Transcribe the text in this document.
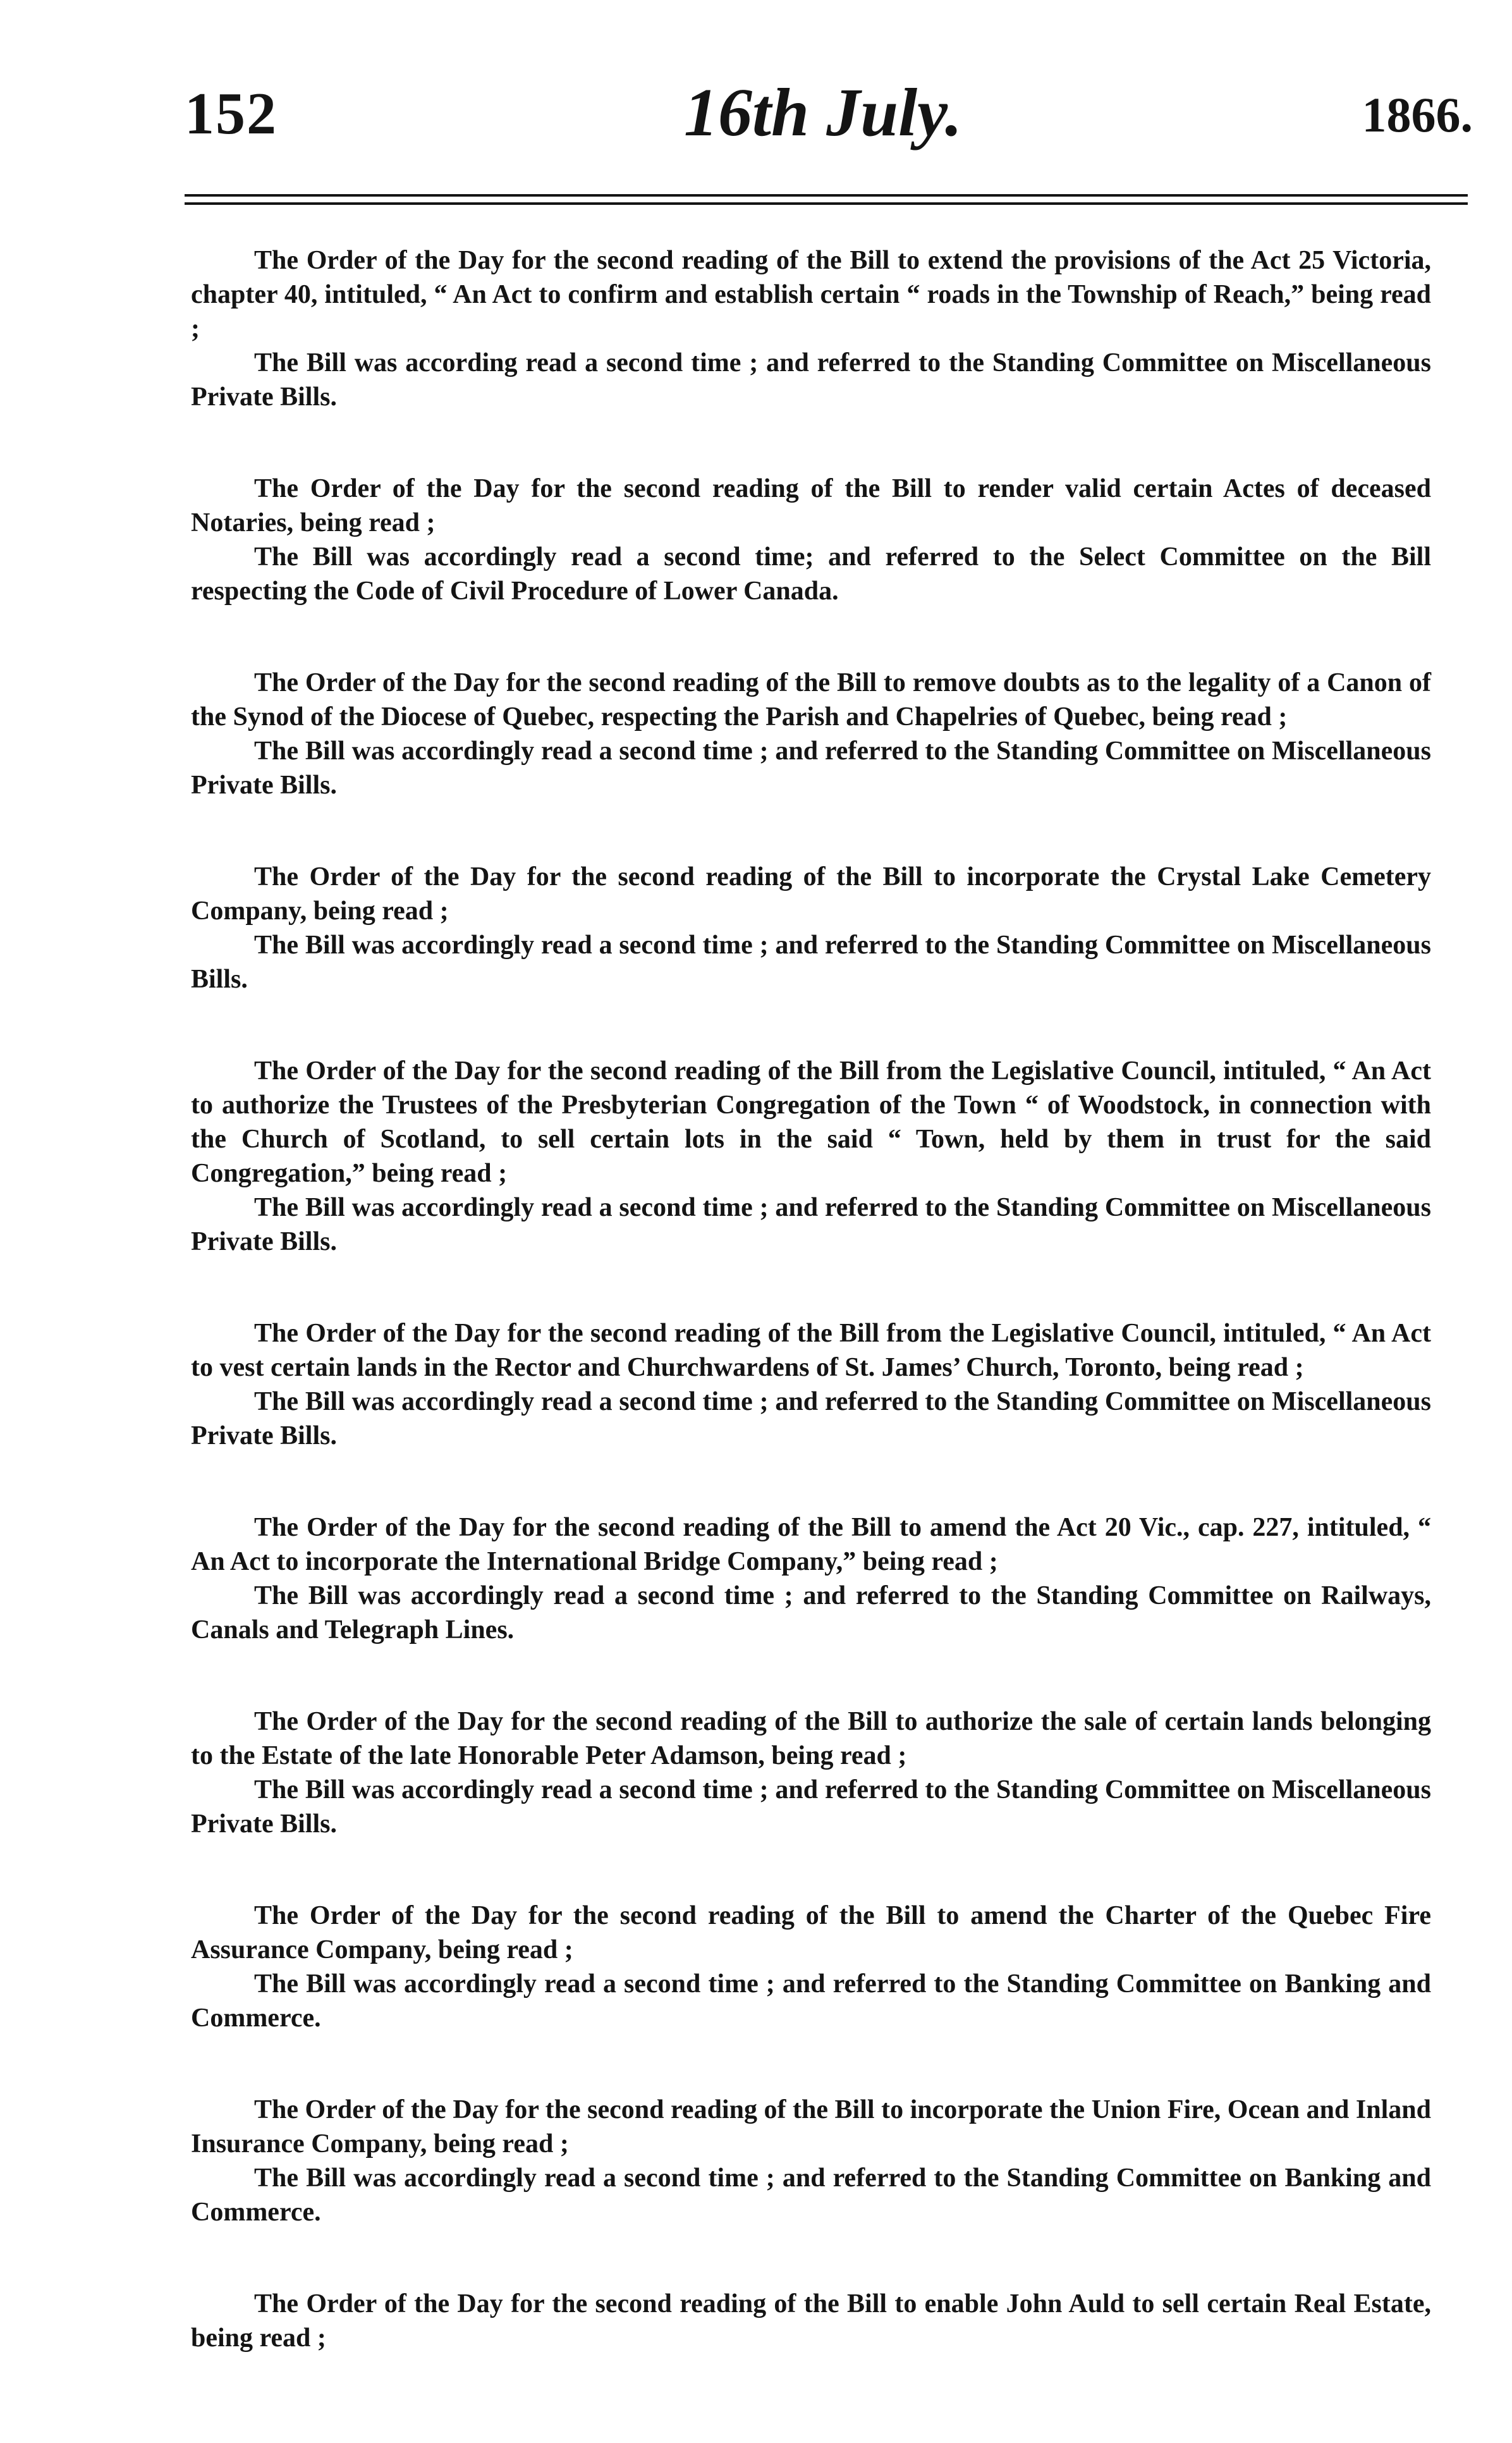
152	16th July.	1866.

The Order of the Day for the second reading of the Bill to extend the provisions of the Act 25 Victoria, chapter 40, intituled, “ An Act to confirm and establish certain “ roads in the Township of Reach,” being read ;

The Bill was according read a second time ; and referred to the Standing Committee on Miscellaneous Private Bills.

The Order of the Day for the second reading of the Bill to render valid certain Actes of deceased Notaries, being read ;

The Bill was accordingly read a second time; and referred to the Select Committee on the Bill respecting the Code of Civil Procedure of Lower Canada.

The Order of the Day for the second reading of the Bill to remove doubts as to the legality of a Canon of the Synod of the Diocese of Quebec, respecting the Parish and Chapelries of Quebec, being read ;

The Bill was accordingly read a second time ; and referred to the Standing Committee on Miscellaneous Private Bills.

The Order of the Day for the second reading of the Bill to incorporate the Crystal Lake Cemetery Company, being read ;

The Bill was accordingly read a second time ; and referred to the Standing Committee on Miscellaneous Bills.

The Order of the Day for the second reading of the Bill from the Legislative Council, intituled, “ An Act to authorize the Trustees of the Presbyterian Congregation of the Town “ of Woodstock, in connection with the Church of Scotland, to sell certain lots in the said “ Town, held by them in trust for the said Congregation,” being read ;

The Bill was accordingly read a second time ; and referred to the Standing Committee on Miscellaneous Private Bills.

The Order of the Day for the second reading of the Bill from the Legislative Council, intituled, “ An Act to vest certain lands in the Rector and Churchwardens of St. James’ Church, Toronto, being read ;

The Bill was accordingly read a second time ; and referred to the Standing Committee on Miscellaneous Private Bills.

The Order of the Day for the second reading of the Bill to amend the Act 20 Vic., cap. 227, intituled, “ An Act to incorporate the International Bridge Company,” being read ;

The Bill was accordingly read a second time ; and referred to the Standing Committee on Railways, Canals and Telegraph Lines.

The Order of the Day for the second reading of the Bill to authorize the sale of certain lands belonging to the Estate of the late Honorable Peter Adamson, being read ;

The Bill was accordingly read a second time ; and referred to the Standing Committee on Miscellaneous Private Bills.

The Order of the Day for the second reading of the Bill to amend the Charter of the Quebec Fire Assurance Company, being read ;

The Bill was accordingly read a second time ; and referred to the Standing Committee on Banking and Commerce.

The Order of the Day for the second reading of the Bill to incorporate the Union Fire, Ocean and Inland Insurance Company, being read ;

The Bill was accordingly read a second time ; and referred to the Standing Committee on Banking and Commerce.

The Order of the Day for the second reading of the Bill to enable John Auld to sell certain Real Estate, being read ;
